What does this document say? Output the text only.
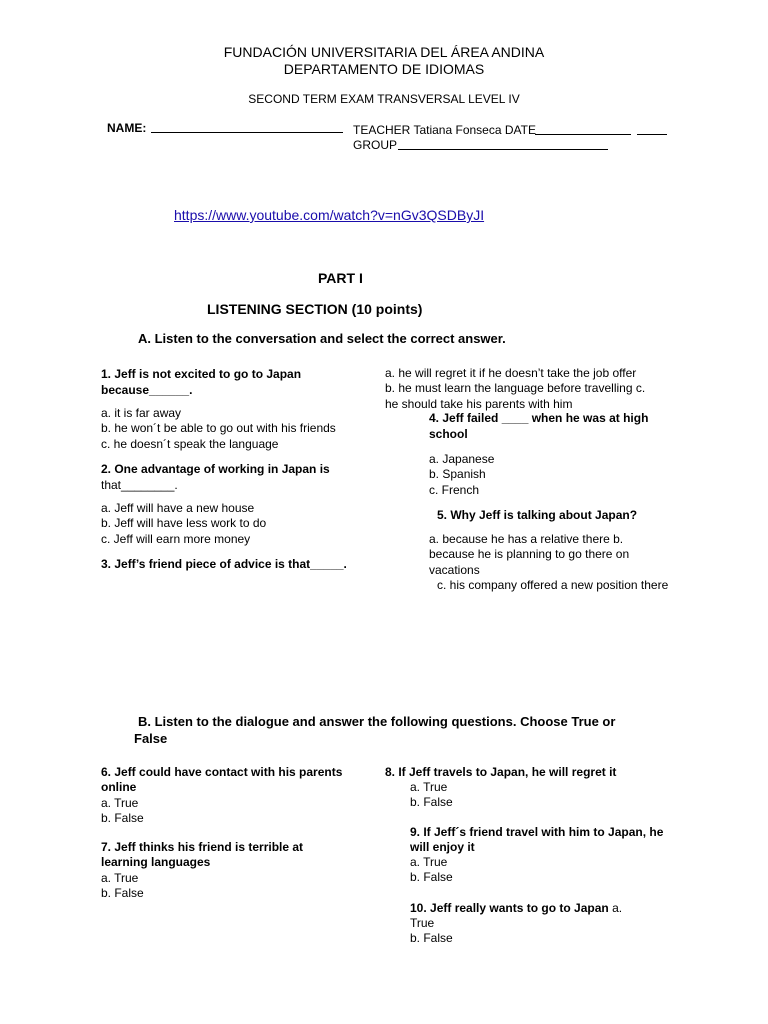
FUNDACIÓN UNIVERSITARIA DEL ÁREA ANDINA
DEPARTAMENTO DE IDIOMAS
SECOND TERM EXAM TRANSVERSAL LEVEL IV
NAME:	TEACHER Tatiana Fonseca DATE
GROUP
https://www.youtube.com/watch?v=nGv3QSDByJI
PART I
LISTENING SECTION (10 points)
A. Listen to the conversation and select the correct answer.
1. Jeff is not excited to go to Japan
because______.
a. it is far away
b. he won´t be able to go out with his friends
c. he doesn´t speak the language
2. One advantage of working in Japan is
that________.
a. Jeff will have a new house
b. Jeff will have less work to do
c. Jeff will earn more money
3. Jeff’s friend piece of advice is that_____.
a. he will regret it if he doesn’t take the job offer
b. he must learn the language before travelling c.
he should take his parents with him
4. Jeff failed ____ when he was at high
school
a. Japanese
b. Spanish
c. French
5. Why Jeff is talking about Japan?
a. because he has a relative there b.
because he is planning to go there on
vacations
c. his company offered a new position there
B. Listen to the dialogue and answer the following questions. Choose True or
False
6. Jeff could have contact with his parents
online
a. True
b. False
7. Jeff thinks his friend is terrible at
learning languages
a. True
b. False
8. If Jeff travels to Japan, he will regret it
a. True
b. False
9. If Jeff´s friend travel with him to Japan, he
will enjoy it
a. True
b. False
10. Jeff really wants to go to Japan a.
True
b. False
